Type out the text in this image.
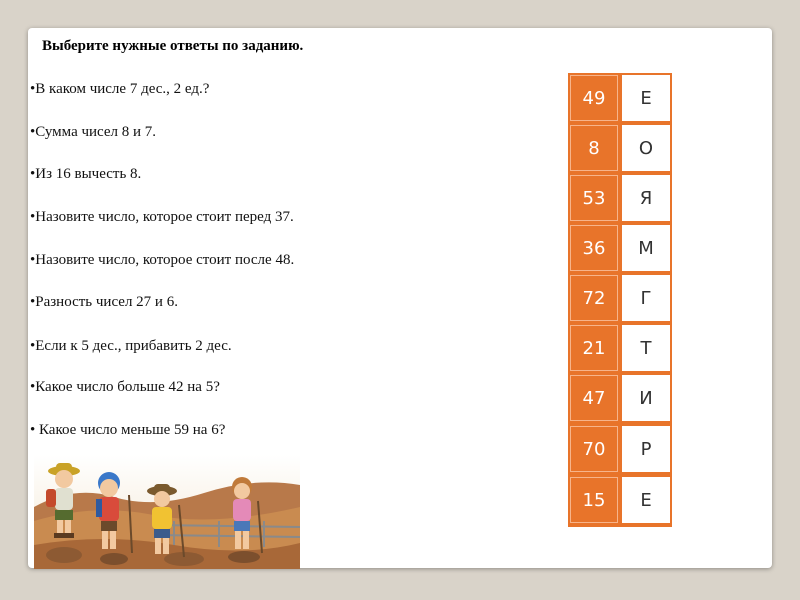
Выберите нужные ответы по заданию.
•В каком числе 7 дес., 2 ед.?
•Сумма чисел 8 и 7.
•Из 16 вычесть 8.
•Назовите число, которое стоит перед 37.
•Назовите число, которое стоит после 48.
•Разность чисел 27 и 6.
•Если к 5 дес., прибавить 2 дес.
•Какое число больше 42 на 5?
• Какое число меньше 59 на 6?
49
8
53
36
72
21
47
70
15
Е
О
Я
М
Г
Т
И
Р
Е
